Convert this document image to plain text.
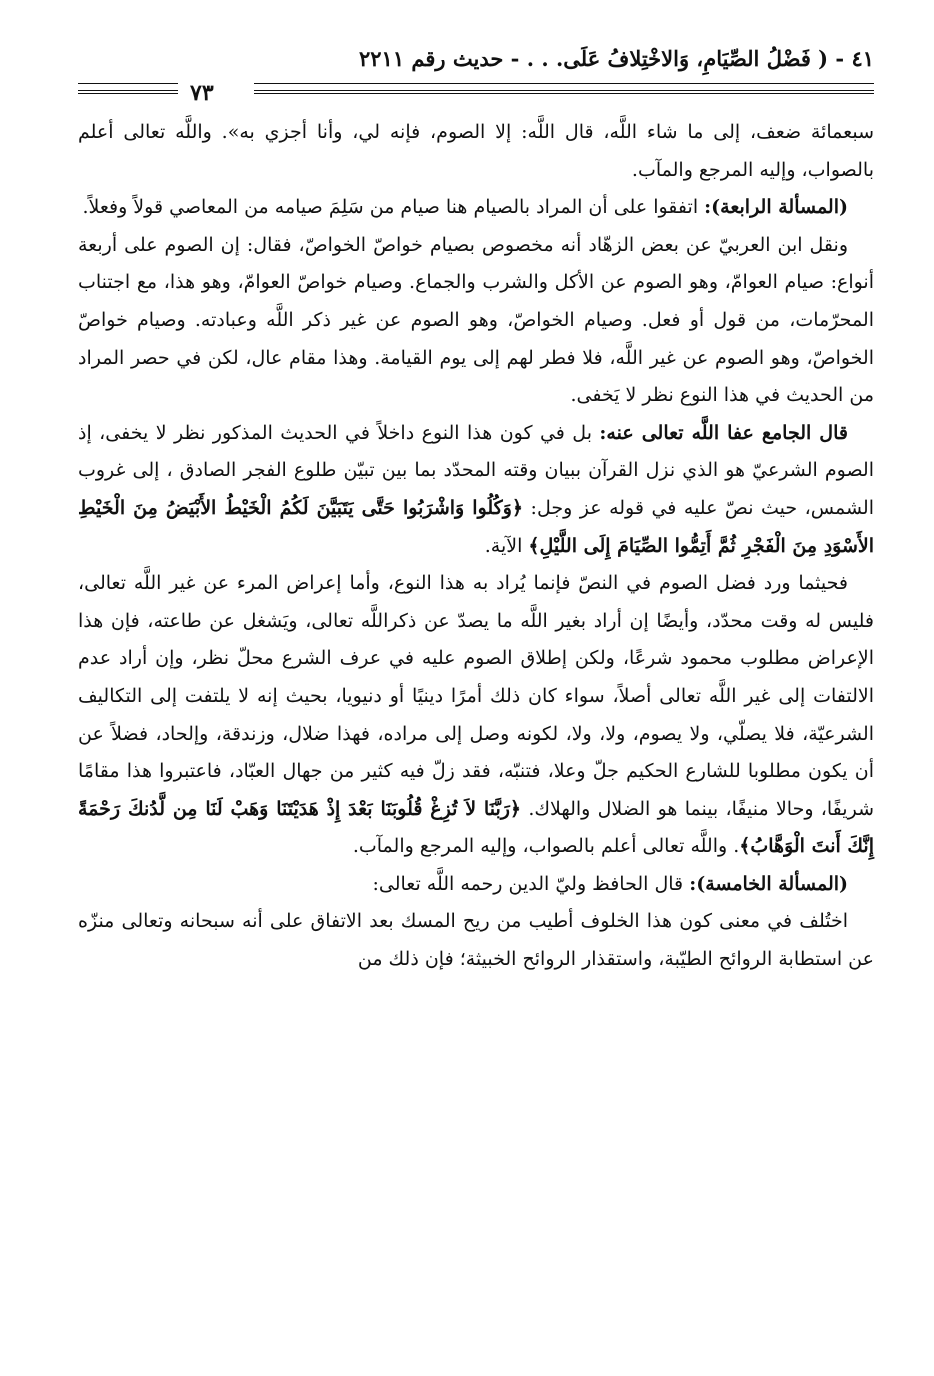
٤١ - ( فَضْلُ الصِّيَامِ، وَالاخْتِلافُ عَلَى. . . - حديث رقم ٢٢١١
٧٣

سبعمائة ضعف، إلى ما شاء اللَّه، قال اللَّه: إلا الصوم، فإنه لي، وأنا أجزي به». واللَّه تعالى أعلم بالصواب، وإليه المرجع والمآب.

(المسألة الرابعة): اتفقوا على أن المراد بالصيام هنا صيام من سَلِمَ صيامه من المعاصي قولاً وفعلاً.

ونقل ابن العربيّ عن بعض الزهّاد أنه مخصوص بصيام خواصّ الخواصّ، فقال: إن الصوم على أربعة أنواع: صيام العوامّ، وهو الصوم عن الأكل والشرب والجماع. وصيام خواصّ العوامّ، وهو هذا، مع اجتناب المحرّمات، من قول أو فعل. وصيام الخواصّ، وهو الصوم عن غير ذكر اللَّه وعبادته. وصيام خواصّ الخواصّ، وهو الصوم عن غير اللَّه، فلا فطر لهم إلى يوم القيامة. وهذا مقام عال، لكن في حصر المراد من الحديث في هذا النوع نظر لا يَخفى.

قال الجامع عفا اللَّه تعالى عنه: بل في كون هذا النوع داخلاً في الحديث المذكور نظر لا يخفى، إذ الصوم الشرعيّ هو الذي نزل القرآن ببيان وقته المحدّد بما بين تبيّن طلوع الفجر الصادق ، إلى غروب الشمس، حيث نصّ عليه في قوله عز وجل: ﴿وَكُلُوا وَاشْرَبُوا حَتَّى يَتَبَيَّنَ لَكُمُ الْخَيْطُ الأَبْيَضُ مِنَ الْخَيْطِ الأَسْوَدِ مِنَ الْفَجْرِ ثُمَّ أَتِمُّوا الصِّيَامَ إِلَى اللَّيْلِ﴾ الآية.

فحيثما ورد فضل الصوم في النصّ فإنما يُراد به هذا النوع، وأما إعراض المرء عن غير اللَّه تعالى، فليس له وقت محدّد، وأيضًا إن أراد بغير اللَّه ما يصدّ عن ذكراللَّه تعالى، ويَشغل عن طاعته، فإن هذا الإعراض مطلوب محمود شرعًا، ولكن إطلاق الصوم عليه في عرف الشرع محلّ نظر، وإن أراد عدم الالتفات إلى غير اللَّه تعالى أصلاً، سواء كان ذلك أمرًا دينيًا أو دنيويا، بحيث إنه لا يلتفت إلى التكاليف الشرعيّة، فلا يصلّي، ولا يصوم، ولا، ولا، لكونه وصل إلى مراده، فهذا ضلال، وزندقة، وإلحاد، فضلاً عن أن يكون مطلوبا للشارع الحكيم جلّ وعلا، فتنبّه، فقد زلّ فيه كثير من جهال العبّاد، فاعتبروا هذا مقامًا شريفًا، وحالا منيفًا، بينما هو الضلال والهلاك. ﴿رَبَّنَا لاَ تُزِغْ قُلُوبَنَا بَعْدَ إِذْ هَدَيْتَنَا وَهَبْ لَنَا مِن لَّدُنكَ رَحْمَةً إِنَّكَ أَنتَ الْوَهَّابُ﴾. واللَّه تعالى أعلم بالصواب، وإليه المرجع والمآب.

(المسألة الخامسة): قال الحافظ وليّ الدين رحمه اللَّه تعالى:

اختُلف في معنى كون هذا الخلوف أطيب من ريح المسك بعد الاتفاق على أنه سبحانه وتعالى منزّه عن استطابة الروائح الطيّبة، واستقذار الروائح الخبيثة؛ فإن ذلك من
